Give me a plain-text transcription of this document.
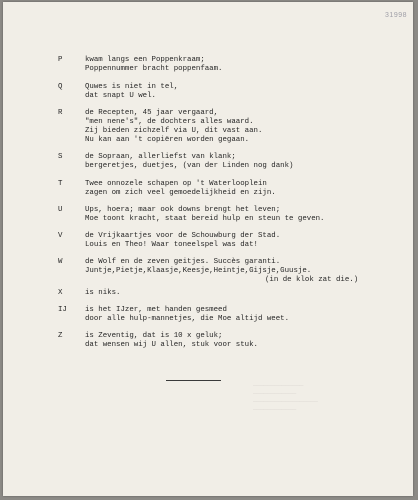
31998
P	kwam langs een Poppenkraam;
Poppennummer bracht poppenfaam.
Q	Quwes is niet in tel,
dat snapt U wel.
R	de Recepten, 45 jaar vergaard,
"men nene's", de dochters alles waard.
Zij bieden zichzelf via U, dit vast aan.
Nu kan aan 't copiëren worden gegaan.
S	de Sopraan, allerliefst van klank;
bergeretjes, duetjes, (van der Linden nog dank)
T	Twee onnozele schapen op 't Waterlooplein
zagen om zich veel gemoedelijkheid en zijn.
U	Ups, hoera; maar ook downs brengt het leven;
Moe toont kracht, staat bereid hulp en steun te geven.
V	de Vrijkaartjes voor de Schouwburg der Stad.
Louis en Theo! Waar toneelspel was dat!
W	de Wolf en de zeven geitjes. Succès garanti.
Juntje,Pietje,Klaasje,Keesje,Heintje,Gijsje,Guusje.
(in de klok zat die.)
X	is niks.
IJ is het IJzer, met handen gesmeed
door alle hulp-mannetjes, die Moe altijd weet.
Z	is Zeventig, dat is 10 x geluk;
dat wensen wij U allen, stuk voor stuk.
──────────────
────────────
──────────────────
────────────
